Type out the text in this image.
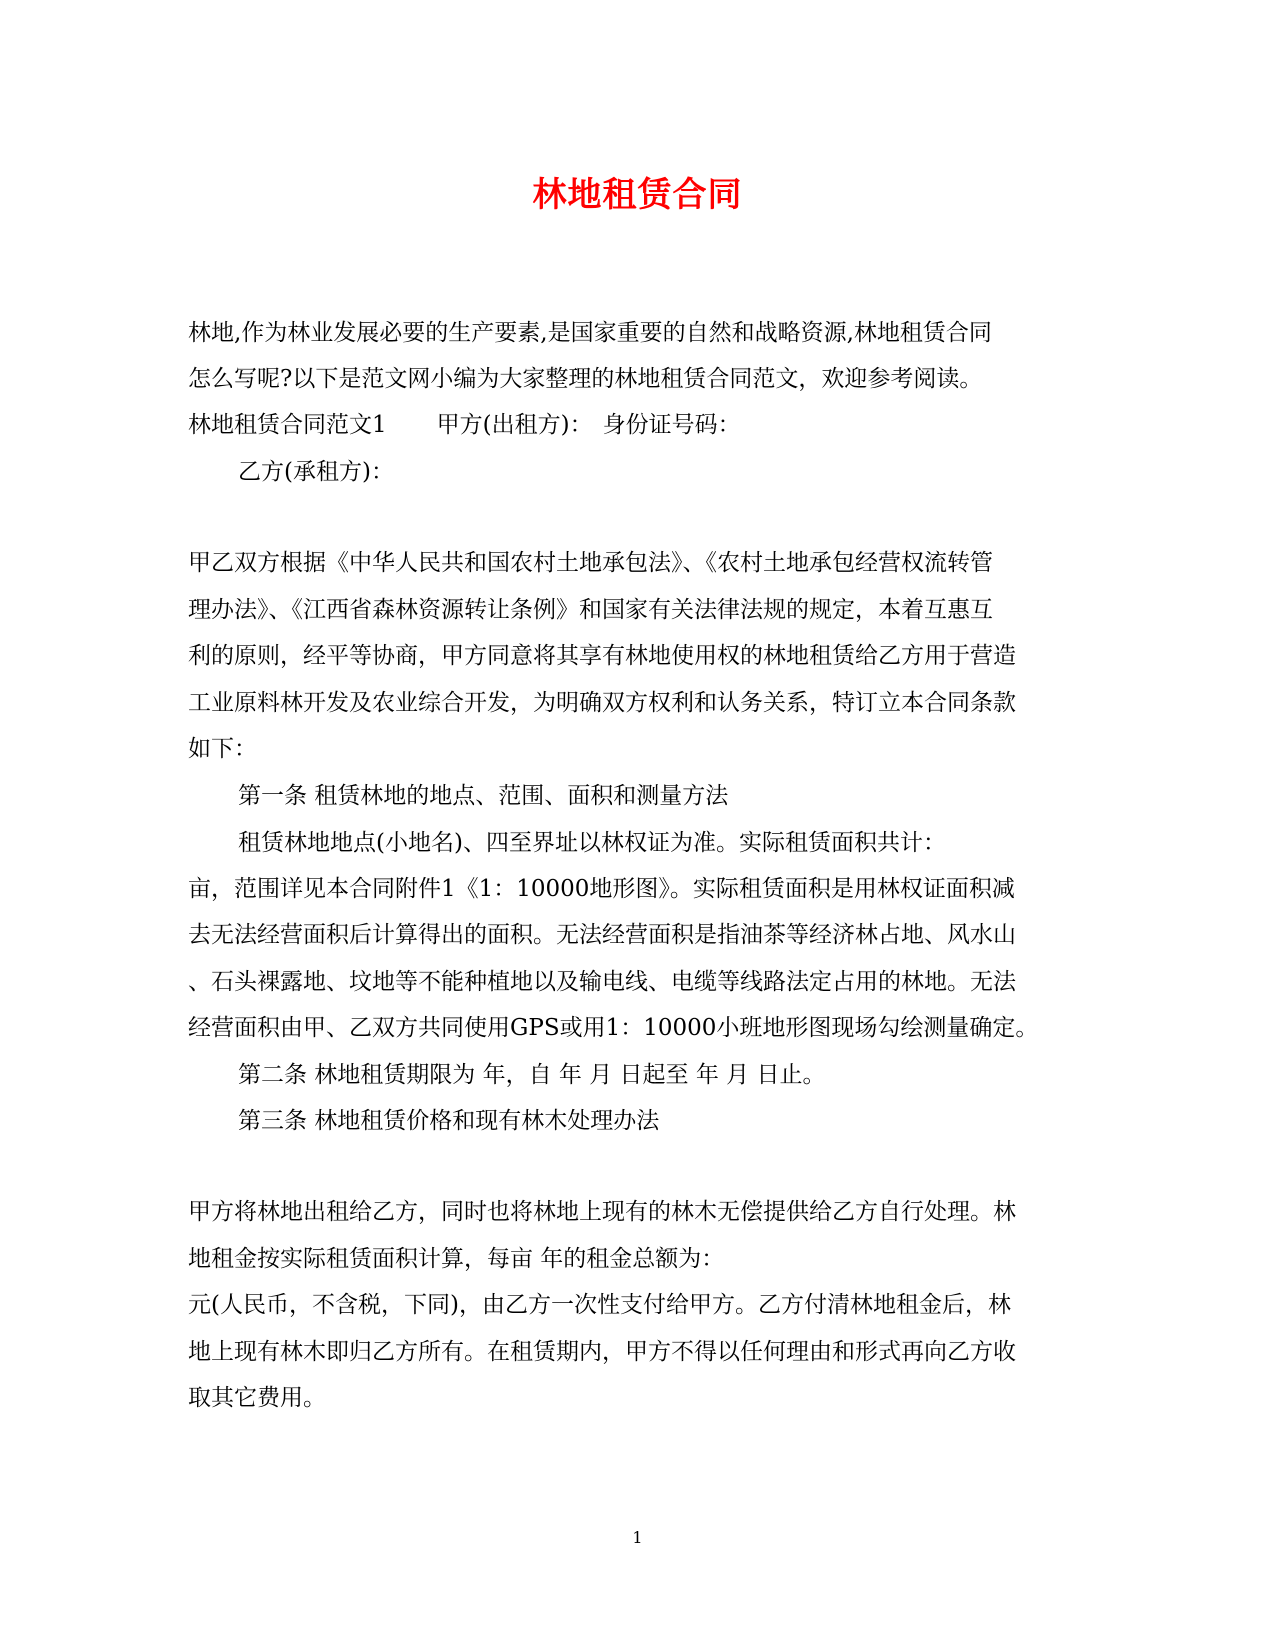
林地租赁合同
林地,作为林业发展必要的生产要素,是国家重要的自然和战略资源,林地租赁合同
怎么写呢?以下是范文网小编为大家整理的林地租赁合同范文，欢迎参考阅读。
林地租赁合同范文1 甲方(出租方)： 身份证号码：
乙方(承租方)：
甲乙双方根据《中华人民共和国农村土地承包法》、《农村土地承包经营权流转管
理办法》、《江西省森林资源转让条例》和国家有关法律法规的规定，本着互惠互
利的原则，经平等协商，甲方同意将其享有林地使用权的林地租赁给乙方用于营造
工业原料林开发及农业综合开发，为明确双方权利和认务关系，特订立本合同条款
如下：
第一条 租赁林地的地点、范围、面积和测量方法
租赁林地地点(小地名)、四至界址以林权证为准。实际租赁面积共计：
亩，范围详见本合同附件1《1：10000地形图》。实际租赁面积是用林权证面积减
去无法经营面积后计算得出的面积。无法经营面积是指油茶等经济林占地、风水山
、石头裸露地、坟地等不能种植地以及输电线、电缆等线路法定占用的林地。无法
经营面积由甲、乙双方共同使用GPS或用1：10000小班地形图现场勾绘测量确定。
第二条 林地租赁期限为 年，自 年 月 日起至 年 月 日止。
第三条 林地租赁价格和现有林木处理办法
甲方将林地出租给乙方，同时也将林地上现有的林木无偿提供给乙方自行处理。林
地租金按实际租赁面积计算，每亩 年的租金总额为：
元(人民币，不含税，下同)，由乙方一次性支付给甲方。乙方付清林地租金后，林
地上现有林木即归乙方所有。在租赁期内，甲方不得以任何理由和形式再向乙方收
取其它费用。
1
